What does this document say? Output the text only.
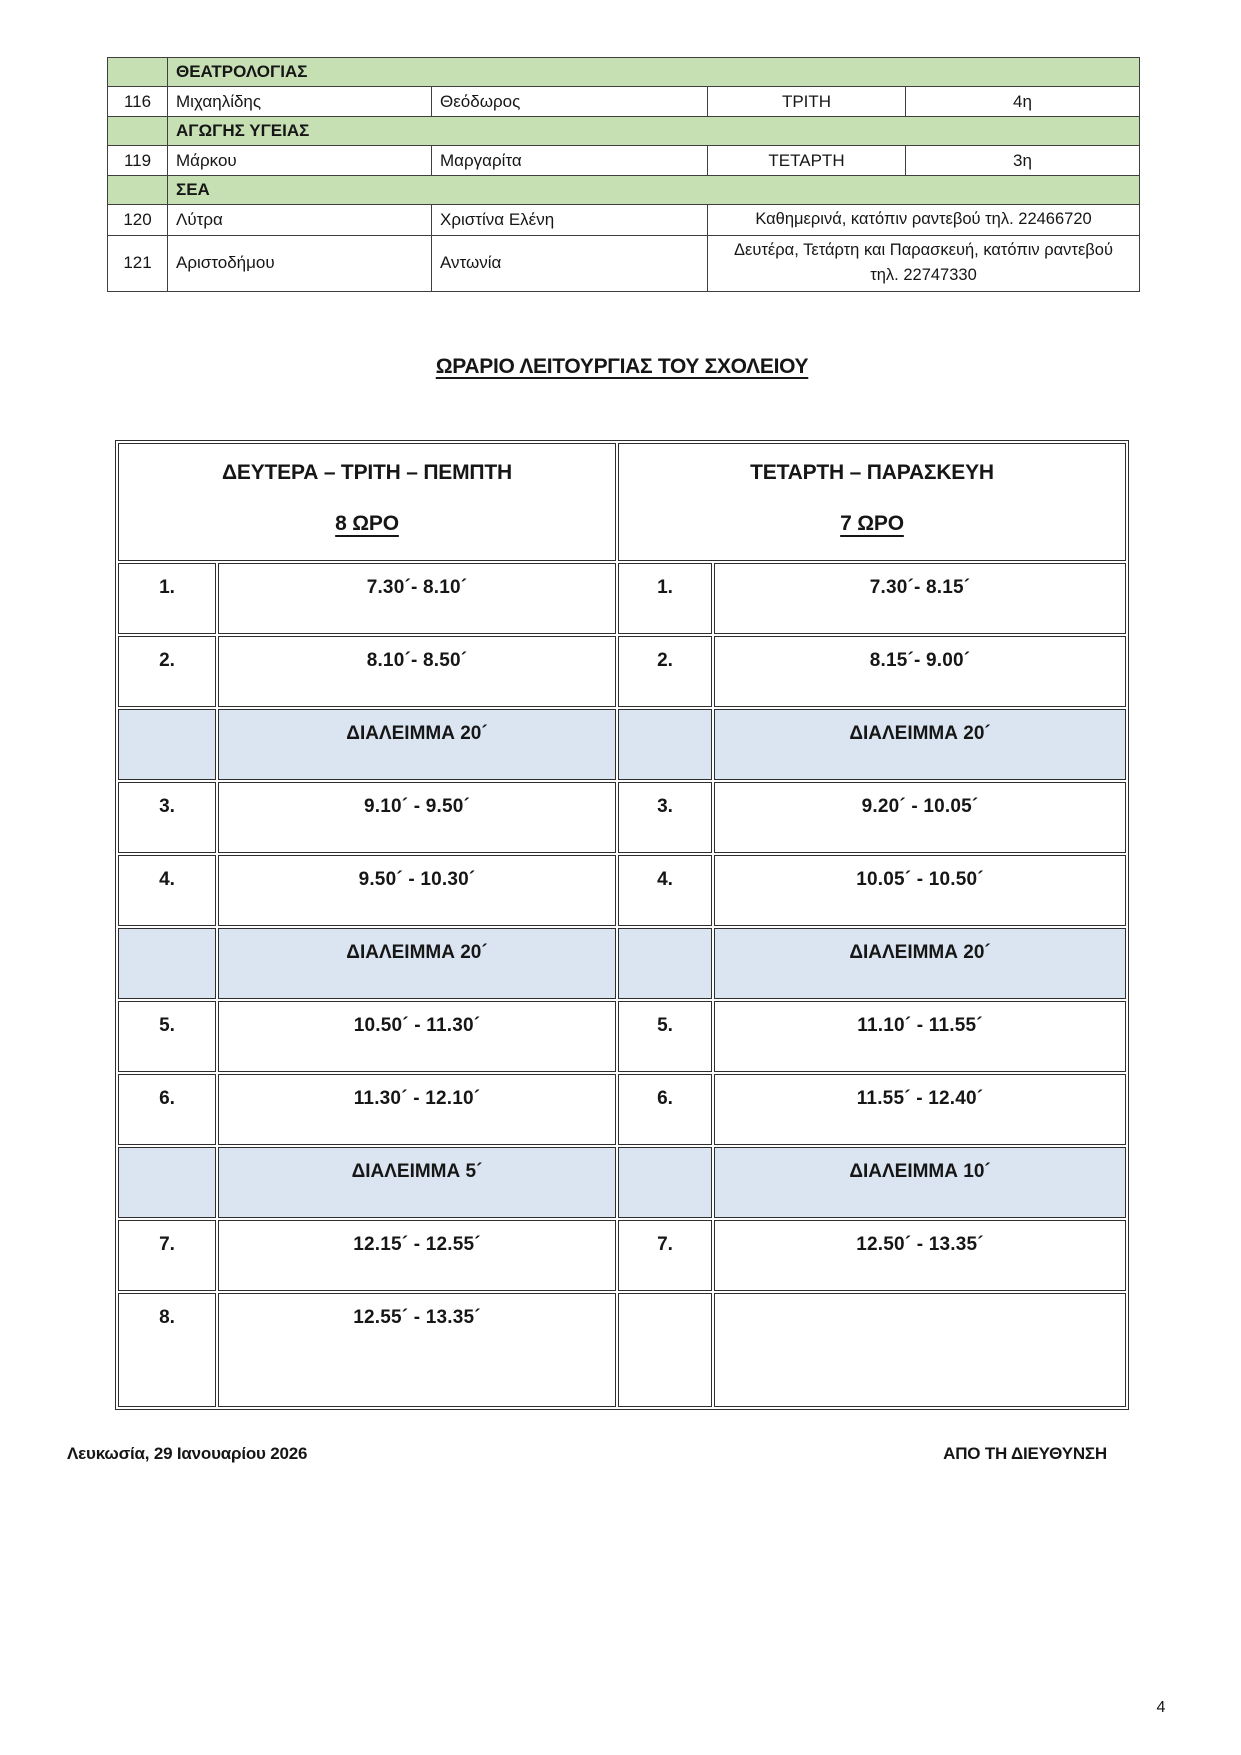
	ΘΕΑΤΡΟΛΟΓΙΑΣ			
116	Μιχαηλίδης	Θεόδωρος	ΤΡΙΤΗ	4η
	ΑΓΩΓΗΣ ΥΓΕΙΑΣ			
119	Μάρκου	Μαργαρίτα	ΤΕΤΑΡΤΗ	3η
	ΣΕΑ			
120	Λύτρα	Χριστίνα Ελένη	Καθημερινά, κατόπιν ραντεβού τηλ. 22466720	
121	Αριστοδήμου	Αντωνία	Δευτέρα, Τετάρτη και Παρασκευή, κατόπιν ραντεβού τηλ. 22747330	
ΩΡΑΡΙΟ ΛΕΙΤΟΥΡΓΙΑΣ ΤΟΥ ΣΧΟΛΕΙΟΥ
ΔΕΥΤΕΡΑ – ΤΡΙΤΗ – ΠΕΜΠΤΗ
8 ΩΡΟ

ΤΕΤΑΡΤΗ – ΠΑΡΑΣΚΕΥΗ
7 ΩΡΟ

1.	7.30´- 8.10´	1.	7.30´- 8.15´
2.	8.10´- 8.50´	2.	8.15´- 9.00´
	ΔΙΑΛΕΙΜΜΑ 20´		ΔΙΑΛΕΙΜΜΑ 20´
3.	9.10´ - 9.50´	3.	9.20´ - 10.05´
4.	9.50´ - 10.30´	4.	10.05´ - 10.50´
	ΔΙΑΛΕΙΜΜΑ 20´		ΔΙΑΛΕΙΜΜΑ 20´
5.	10.50´ - 11.30´	5.	11.10´ - 11.55´
6.	11.30´ - 12.10´	6.	11.55´ - 12.40´
	ΔΙΑΛΕΙΜΜΑ 5´		ΔΙΑΛΕΙΜΜΑ 10´
7.	12.15´ - 12.55´	7.	12.50´ - 13.35´
8.	12.55´ - 13.35´		
Λευκωσία, 29 Ιανουαρίου 2026	ΑΠΟ ΤΗ ΔΙΕΥΘΥΝΣΗ
4
